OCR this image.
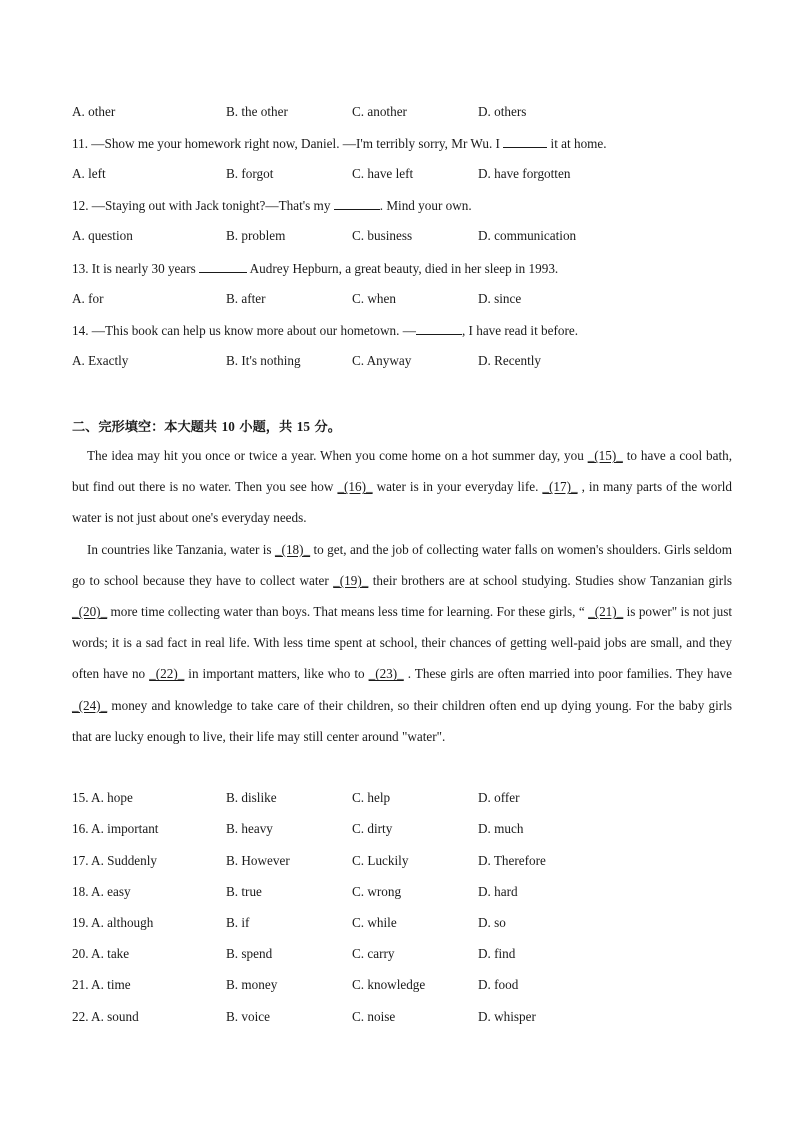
A. other	B. the other	C. another	D. others
11. —Show me your homework right now, Daniel. —I'm terribly sorry, Mr Wu. I	it at home.
A. left	B. forgot	C. have left	D. have forgotten
12. —Staying out with Jack tonight?—That's my	. Mind your own.
A. question	B. problem	C. business	D. communication
13. It is nearly 30 years	Audrey Hepburn, a great beauty, died in her sleep in 1993.
A. for	B. after	C. when	D. since
14. —This book can help us know more about our hometown. —	, I have read it before.
A. Exactly	B. It's nothing	C. Anyway	D. Recently
二、完形填空：本大题共 10 小题，共 15 分。

The idea may hit you once or twice a year. When you come home on a hot summer day, you _(15)_ to have a cool bath, but find out there is no water. Then you see how _(16)_ water is in your everyday life. _(17)_ , in many parts of the world water is not just about one's everyday needs.

In countries like Tanzania, water is _(18)_ to get, and the job of collecting water falls on women's shoulders. Girls seldom go to school because they have to collect water _(19)_ their brothers are at school studying. Studies show Tanzanian girls _(20)_ more time collecting water than boys. That means less time for learning. For these girls, “ _(21)_ is power" is not just words; it is a sad fact in real life. With less time spent at school, their chances of getting well-paid jobs are small, and they often have no _(22)_ in important matters, like who to _(23)_ . These girls are often married into poor families. They have _(24)_ money and knowledge to take care of their children, so their children often end up dying young. For the baby girls that are lucky enough to live, their life may still center around "water".

15. A. hope	B. dislike	C. help	D. offer
16. A. important	B. heavy	C. dirty	D. much
17. A. Suddenly	B. However	C. Luckily	D. Therefore
18. A. easy	B. true	C. wrong	D. hard
19. A. although	B. if	C. while	D. so
20. A. take	B. spend	C. carry	D. find
21. A. time	B. money	C. knowledge	D. food
22. A. sound	B. voice	C. noise	D. whisper
